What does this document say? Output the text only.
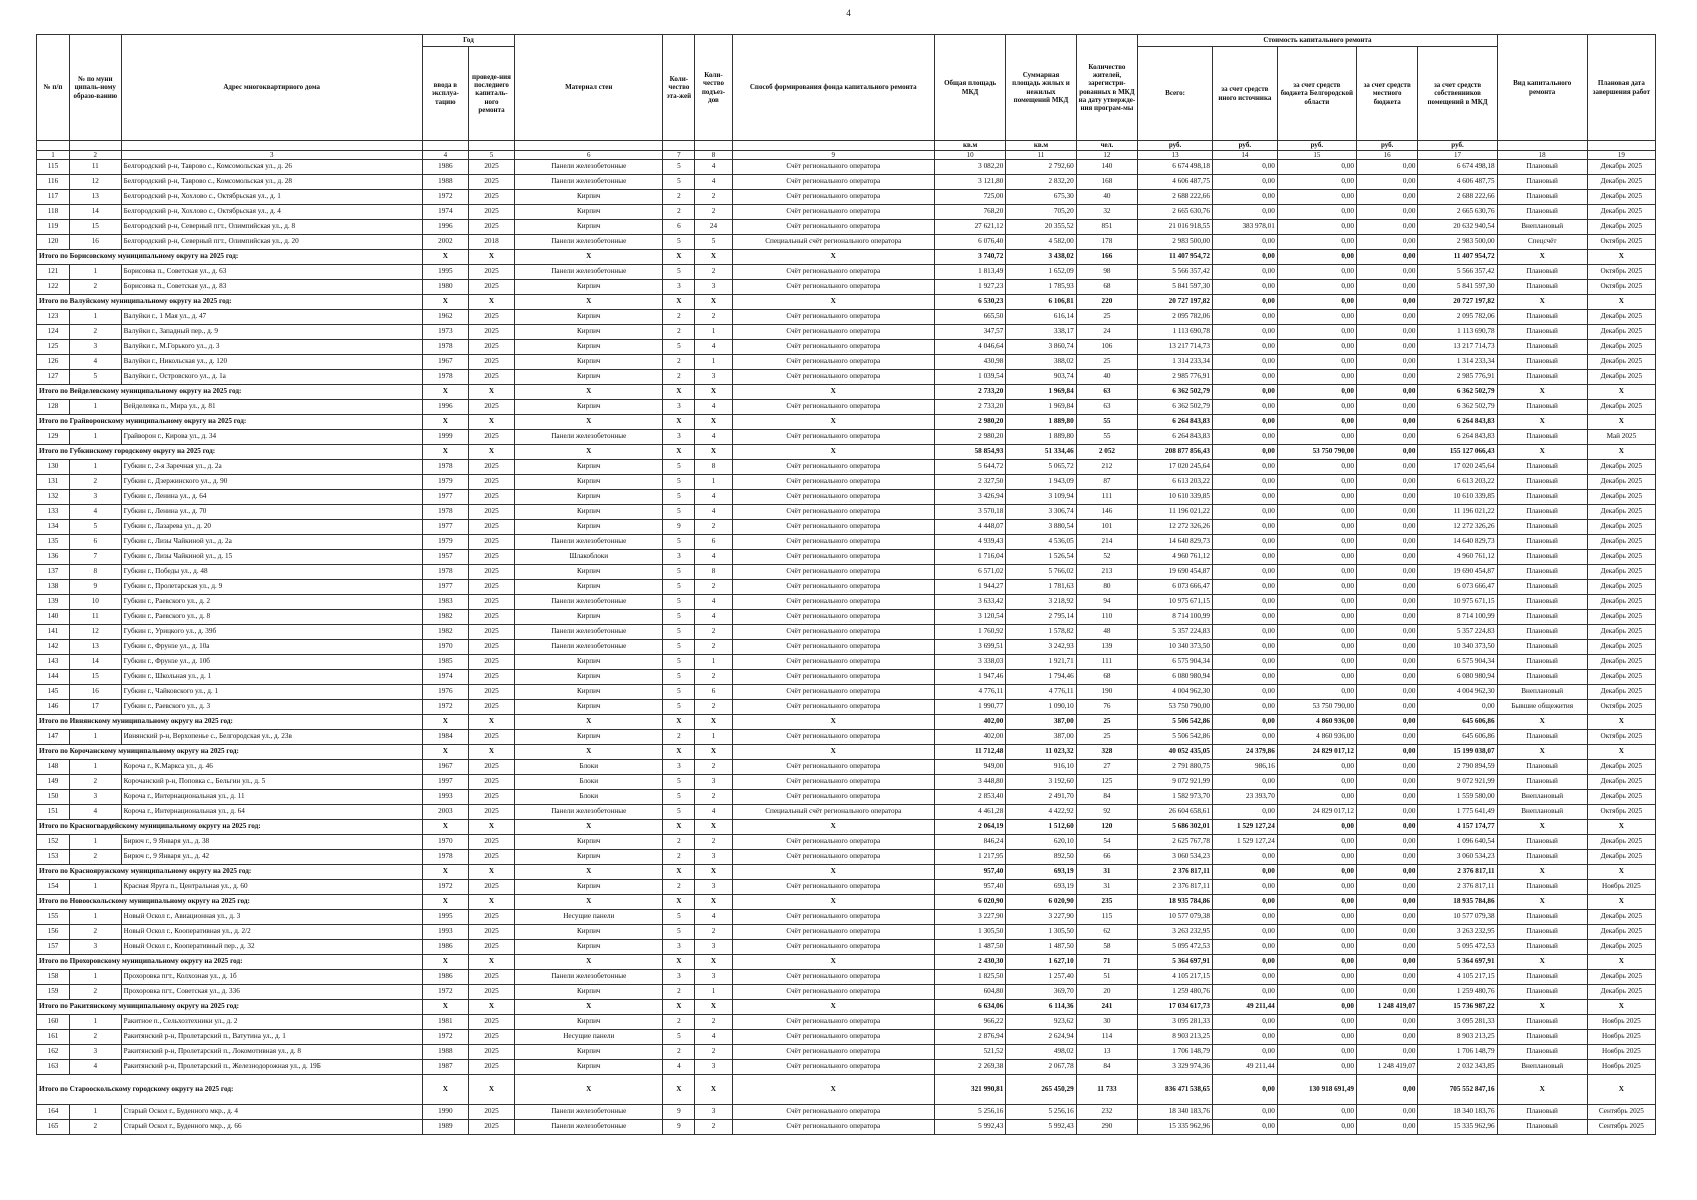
4
№ п/п	№ по муни ципаль-ному образо-ванию	Адрес многоквартирного дома	Год		Материал стен	Коли-чество эта-жей	Коли-чество подъез-дов	Способ формирования фонда капитального ремонта	Общая площадь МКД	Суммарная площадь жилых и нежилых помещений МКД	Количество жителей, зарегистри-рованных в МКД на дату утвержде-ния програм-мы	Стоимость капитального ремонта					Вид капитального ремонта	Плановая дата завершения работ
			ввода в эксплуа-тацию	проведе-ния последнего капиталь-ного ремонта								Всего:	за счет средств иного источника	за счет средств бюджета Белгородской области	за счет средств местного бюджета	за счет средств собственников помещений в МКД		
									кв.м	кв.м	чел.	руб.	руб.	руб.	руб.	руб.		
1	2	3	4	5	6	7	8	9	10	11	12	13	14	15	16	17	18	19
115	11	Белгородский р-н, Таврово с., Комсомольская ул., д. 26	1986	2025	Панели железобетонные	5	4	Счёт регионального оператора	3 082,20	2 792,60	140	6 674 498,18	0,00	0,00	0,00	6 674 498,18	Плановый	Декабрь 2025
116	12	Белгородский р-н, Таврово с., Комсомольская ул., д. 28	1988	2025	Панели железобетонные	5	4	Счёт регионального оператора	3 121,80	2 832,20	168	4 606 487,75	0,00	0,00	0,00	4 606 487,75	Плановый	Декабрь 2025
117	13	Белгородский р-н, Хохлово с., Октябрьская ул., д. 1	1972	2025	Кирпич	2	2	Счёт регионального оператора	725,00	675,30	40	2 688 222,66	0,00	0,00	0,00	2 688 222,66	Плановый	Декабрь 2025
118	14	Белгородский р-н, Хохлово с., Октябрьская ул., д. 4	1974	2025	Кирпич	2	2	Счёт регионального оператора	768,20	705,20	32	2 665 630,76	0,00	0,00	0,00	2 665 630,76	Плановый	Декабрь 2025
119	15	Белгородский р-н, Северный пгт., Олимпийская ул., д. 8	1996	2025	Кирпич	6	24	Счёт регионального оператора	27 621,12	20 355,52	851	21 016 918,55	383 978,01	0,00	0,00	20 632 940,54	Внеплановый	Декабрь 2025
120	16	Белгородский р-н, Северный пгт., Олимпийская ул., д. 20	2002	2018	Панели железобетонные	5	5	Специальный счёт регионального оператора	6 076,40	4 582,00	178	2 983 500,00	0,00	0,00	0,00	2 983 500,00	Спецсчёт	Октябрь 2025
Итого по Борисовскому муниципальному округу на 2025 год:			X	X	X	X	X	X	3 740,72	3 438,02	166	11 407 954,72	0,00	0,00	0,00	11 407 954,72	X	X
121	1	Борисовка п., Советская ул., д. 63	1995	2025	Панели железобетонные	5	2	Счёт регионального оператора	1 813,49	1 652,09	98	5 566 357,42	0,00	0,00	0,00	5 566 357,42	Плановый	Октябрь 2025
122	2	Борисовка п., Советская ул., д. 83	1980	2025	Кирпич	3	3	Счёт регионального оператора	1 927,23	1 785,93	68	5 841 597,30	0,00	0,00	0,00	5 841 597,30	Плановый	Октябрь 2025
Итого по Валуйскому муниципальному округу на 2025 год:			X	X	X	X	X	X	6 530,23	6 106,81	220	20 727 197,82	0,00	0,00	0,00	20 727 197,82	X	X
123	1	Валуйки г., 1 Мая ул., д. 47	1962	2025	Кирпич	2	2	Счёт регионального оператора	665,50	616,14	25	2 095 782,06	0,00	0,00	0,00	2 095 782,06	Плановый	Декабрь 2025
124	2	Валуйки г., Западный пер., д. 9	1973	2025	Кирпич	2	1	Счёт регионального оператора	347,57	338,17	24	1 113 690,78	0,00	0,00	0,00	1 113 690,78	Плановый	Декабрь 2025
125	3	Валуйки г., М.Горького ул., д. 3	1978	2025	Кирпич	5	4	Счёт регионального оператора	4 046,64	3 860,74	106	13 217 714,73	0,00	0,00	0,00	13 217 714,73	Плановый	Декабрь 2025
126	4	Валуйки г., Никольская ул., д. 120	1967	2025	Кирпич	2	1	Счёт регионального оператора	430,98	388,02	25	1 314 233,34	0,00	0,00	0,00	1 314 233,34	Плановый	Декабрь 2025
127	5	Валуйки г., Островского ул., д. 1а	1978	2025	Кирпич	2	3	Счёт регионального оператора	1 039,54	903,74	40	2 985 776,91	0,00	0,00	0,00	2 985 776,91	Плановый	Декабрь 2025
Итого по Вейделевскому муниципальному округу на 2025 год:			X	X	X	X	X	X	2 733,20	1 969,84	63	6 362 502,79	0,00	0,00	0,00	6 362 502,79	X	X
128	1	Вейделевка п., Мира ул., д. 81	1996	2025	Кирпич	3	4	Счёт регионального оператора	2 733,20	1 969,84	63	6 362 502,79	0,00	0,00	0,00	6 362 502,79	Плановый	Декабрь 2025
Итого по Грайворонскому муниципальному округу на 2025 год:			X	X	X	X	X	X	2 980,20	1 889,80	55	6 264 843,83	0,00	0,00	0,00	6 264 843,83	X	X
129	1	Грайворон г., Кирова ул., д. 34	1999	2025	Панели железобетонные	3	4	Счёт регионального оператора	2 980,20	1 889,80	55	6 264 843,83	0,00	0,00	0,00	6 264 843,83	Плановый	Май 2025
Итого по Губкинскому городскому округу на 2025 год:			X	X	X	X	X	X	58 854,93	51 334,46	2 052	208 877 856,43	0,00	53 750 790,00	0,00	155 127 066,43	X	X
130	1	Губкин г., 2-я Заречная ул., д. 2а	1978	2025	Кирпич	5	8	Счёт регионального оператора	5 644,72	5 065,72	212	17 020 245,64	0,00	0,00	0,00	17 020 245,64	Плановый	Декабрь 2025
131	2	Губкин г., Дзержинского ул., д. 90	1979	2025	Кирпич	5	1	Счёт регионального оператора	2 327,50	1 943,09	87	6 613 203,22	0,00	0,00	0,00	6 613 203,22	Плановый	Декабрь 2025
132	3	Губкин г., Ленина ул., д. 64	1977	2025	Кирпич	5	4	Счёт регионального оператора	3 426,94	3 109,94	111	10 610 339,85	0,00	0,00	0,00	10 610 339,85	Плановый	Декабрь 2025
133	4	Губкин г., Ленина ул., д. 70	1978	2025	Кирпич	5	4	Счёт регионального оператора	3 570,18	3 306,74	146	11 196 021,22	0,00	0,00	0,00	11 196 021,22	Плановый	Декабрь 2025
134	5	Губкин г., Лазарева ул., д. 20	1977	2025	Кирпич	9	2	Счёт регионального оператора	4 448,07	3 880,54	101	12 272 326,26	0,00	0,00	0,00	12 272 326,26	Плановый	Декабрь 2025
135	6	Губкин г., Лизы Чайкиной ул., д. 2а	1979	2025	Панели железобетонные	5	6	Счёт регионального оператора	4 939,43	4 536,05	214	14 640 829,73	0,00	0,00	0,00	14 640 829,73	Плановый	Декабрь 2025
136	7	Губкин г., Лизы Чайкиной ул., д. 15	1957	2025	Шлакоблоки	3	4	Счёт регионального оператора	1 716,04	1 526,54	52	4 960 761,12	0,00	0,00	0,00	4 960 761,12	Плановый	Декабрь 2025
137	8	Губкин г., Победы ул., д. 48	1978	2025	Кирпич	5	8	Счёт регионального оператора	6 571,02	5 766,02	213	19 690 454,87	0,00	0,00	0,00	19 690 454,87	Плановый	Декабрь 2025
138	9	Губкин г., Пролетарская ул., д. 9	1977	2025	Кирпич	5	2	Счёт регионального оператора	1 944,27	1 781,63	80	6 073 666,47	0,00	0,00	0,00	6 073 666,47	Плановый	Декабрь 2025
139	10	Губкин г., Раевского ул., д. 2	1983	2025	Панели железобетонные	5	4	Счёт регионального оператора	3 633,42	3 218,92	94	10 975 671,15	0,00	0,00	0,00	10 975 671,15	Плановый	Декабрь 2025
140	11	Губкин г., Раевского ул., д. 8	1982	2025	Кирпич	5	4	Счёт регионального оператора	3 120,54	2 795,14	110	8 714 100,99	0,00	0,00	0,00	8 714 100,99	Плановый	Декабрь 2025
141	12	Губкин г., Урицкого ул., д. 39б	1982	2025	Панели железобетонные	5	2	Счёт регионального оператора	1 760,92	1 578,82	48	5 357 224,83	0,00	0,00	0,00	5 357 224,83	Плановый	Декабрь 2025
142	13	Губкин г., Фрунзе ул., д. 10а	1970	2025	Панели железобетонные	5	2	Счёт регионального оператора	3 699,51	3 242,93	139	10 340 373,50	0,00	0,00	0,00	10 340 373,50	Плановый	Декабрь 2025
143	14	Губкин г., Фрунзе ул., д. 10б	1985	2025	Кирпич	5	1	Счёт регионального оператора	3 338,03	1 921,71	111	6 575 904,34	0,00	0,00	0,00	6 575 904,34	Плановый	Декабрь 2025
144	15	Губкин г., Школьная ул., д. 1	1974	2025	Кирпич	5	2	Счёт регионального оператора	1 947,46	1 794,46	68	6 080 980,94	0,00	0,00	0,00	6 080 980,94	Плановый	Декабрь 2025
145	16	Губкин г., Чайковского ул., д. 1	1976	2025	Кирпич	5	6	Счёт регионального оператора	4 776,11	4 776,11	190	4 004 962,30	0,00	0,00	0,00	4 004 962,30	Внеплановый	Декабрь 2025
146	17	Губкин г., Раевского ул., д. 3	1972	2025	Кирпич	5	2	Счёт регионального оператора	1 990,77	1 090,10	76	53 750 790,00	0,00	53 750 790,00	0,00	0,00	Бывшие общежития	Октябрь 2025
Итого по Ивнянскому муниципальному округу на 2025 год:			X	X	X	X	X	X	402,00	387,00	25	5 506 542,86	0,00	4 860 936,00	0,00	645 606,86	X	X
147	1	Ивнянский р-н, Верхопенье с., Белгородская ул., д. 23в	1984	2025	Кирпич	2	1	Счёт регионального оператора	402,00	387,00	25	5 506 542,86	0,00	4 860 936,00	0,00	645 606,86	Плановый	Октябрь 2025
Итого по Корочанскому муниципальному округу на 2025 год:			X	X	X	X	X	X	11 712,48	11 023,32	328	40 052 435,05	24 379,86	24 829 017,12	0,00	15 199 038,07	X	X
148	1	Короча г., К.Маркса ул., д. 46	1967	2025	Блоки	3	2	Счёт регионального оператора	949,00	916,10	27	2 791 880,75	986,16	0,00	0,00	2 790 894,59	Плановый	Декабрь 2025
149	2	Корочанский р-н, Поповка с., Бельгин ул., д. 5	1997	2025	Блоки	5	3	Счёт регионального оператора	3 448,80	3 192,60	125	9 072 921,99	0,00	0,00	0,00	9 072 921,99	Плановый	Декабрь 2025
150	3	Короча г., Интернациональная ул., д. 11	1993	2025	Блоки	5	2	Счёт регионального оператора	2 853,40	2 491,70	84	1 582 973,70	23 393,70	0,00	0,00	1 559 580,00	Внеплановый	Декабрь 2025
151	4	Короча г., Интернациональная ул., д. 64	2003	2025	Панели железобетонные	5	4	Специальный счёт регионального оператора	4 461,28	4 422,92	92	26 604 658,61	0,00	24 829 017,12	0,00	1 775 641,49	Внеплановый	Октябрь 2025
Итого по Красногвардейскому муниципальному округу на 2025 год:			X	X	X	X	X	X	2 064,19	1 512,60	120	5 686 302,01	1 529 127,24	0,00	0,00	4 157 174,77	X	X
152	1	Бирюч г., 9 Января ул., д. 38	1970	2025	Кирпич	2	2	Счёт регионального оператора	846,24	620,10	54	2 625 767,78	1 529 127,24	0,00	0,00	1 096 640,54	Плановый	Декабрь 2025
153	2	Бирюч г., 9 Января ул., д. 42	1978	2025	Кирпич	2	3	Счёт регионального оператора	1 217,95	892,50	66	3 060 534,23	0,00	0,00	0,00	3 060 534,23	Плановый	Декабрь 2025
Итого по Краснояружскому муниципальному округу на 2025 год:			X	X	X	X	X	X	957,40	693,19	31	2 376 817,11	0,00	0,00	0,00	2 376 817,11	X	X
154	1	Красная Яруга п., Центральная ул., д. 60	1972	2025	Кирпич	2	3	Счёт регионального оператора	957,40	693,19	31	2 376 817,11	0,00	0,00	0,00	2 376 817,11	Плановый	Ноябрь 2025
Итого по Новооскольскому муниципальному округу на 2025 год:			X	X	X	X	X	X	6 020,90	6 020,90	235	18 935 784,86	0,00	0,00	0,00	18 935 784,86	X	X
155	1	Новый Оскол г., Авиационная ул., д. 3	1995	2025	Несущие панели	5	4	Счёт регионального оператора	3 227,90	3 227,90	115	10 577 079,38	0,00	0,00	0,00	10 577 079,38	Плановый	Декабрь 2025
156	2	Новый Оскол г., Кооперативная ул., д. 2/2	1993	2025	Кирпич	5	2	Счёт регионального оператора	1 305,50	1 305,50	62	3 263 232,95	0,00	0,00	0,00	3 263 232,95	Плановый	Декабрь 2025
157	3	Новый Оскол г., Кооперативный пер., д. 32	1986	2025	Кирпич	3	3	Счёт регионального оператора	1 487,50	1 487,50	58	5 095 472,53	0,00	0,00	0,00	5 095 472,53	Плановый	Декабрь 2025
Итого по Прохоровскому муниципальному округу на 2025 год:			X	X	X	X	X	X	2 430,30	1 627,10	71	5 364 697,91	0,00	0,00	0,00	5 364 697,91	X	X
158	1	Прохоровка пгт., Колхозная ул., д. 1б	1986	2025	Панели железобетонные	3	3	Счёт регионального оператора	1 825,50	1 257,40	51	4 105 217,15	0,00	0,00	0,00	4 105 217,15	Плановый	Декабрь 2025
159	2	Прохоровка пгт., Советская ул., д. 336	1972	2025	Кирпич	2	1	Счёт регионального оператора	604,80	369,70	20	1 259 480,76	0,00	0,00	0,00	1 259 480,76	Плановый	Декабрь 2025
Итого по Ракитянскому муниципальному округу на 2025 год:			X	X	X	X	X	X	6 634,06	6 114,36	241	17 034 617,73	49 211,44	0,00	1 248 419,07	15 736 987,22	X	X
160	1	Ракитное п., Сельхозтехники ул., д. 2	1981	2025	Кирпич	2	2	Счёт регионального оператора	966,22	923,62	30	3 095 281,33	0,00	0,00	0,00	3 095 281,33	Плановый	Ноябрь 2025
161	2	Ракитянский р-н, Пролетарский п., Ватутина ул., д. 1	1972	2025	Несущие панели	5	4	Счёт регионального оператора	2 876,94	2 624,94	114	8 903 213,25	0,00	0,00	0,00	8 903 213,25	Плановый	Ноябрь 2025
162	3	Ракитянский р-н, Пролетарский п., Локомотивная ул., д. 8	1988	2025	Кирпич	2	2	Счёт регионального оператора	521,52	498,02	13	1 706 148,79	0,00	0,00	0,00	1 706 148,79	Плановый	Ноябрь 2025
163	4	Ракитянский р-н, Пролетарский п., Железнодорожная ул., д. 19Б	1987	2025	Кирпич	4	3	Счёт регионального оператора	2 269,38	2 067,78	84	3 329 974,36	49 211,44	0,00	1 248 419,07	2 032 343,85	Внеплановый	Ноябрь 2025
Итого по Старооскольскому городскому округу на 2025 год:			X	X	X	X	X	X	321 990,81	265 450,29	11 733	836 471 538,65	0,00	130 918 691,49	0,00	705 552 847,16	X	X
164	1	Старый Оскол г., Буденного мкр., д. 4	1990	2025	Панели железобетонные	9	3	Счёт регионального оператора	5 256,16	5 256,16	232	18 340 183,76	0,00	0,00	0,00	18 340 183,76	Плановый	Сентябрь 2025
165	2	Старый Оскол г., Буденного мкр., д. 66	1989	2025	Панели железобетонные	9	2	Счёт регионального оператора	5 992,43	5 992,43	290	15 335 962,96	0,00	0,00	0,00	15 335 962,96	Плановый	Сентябрь 2025
